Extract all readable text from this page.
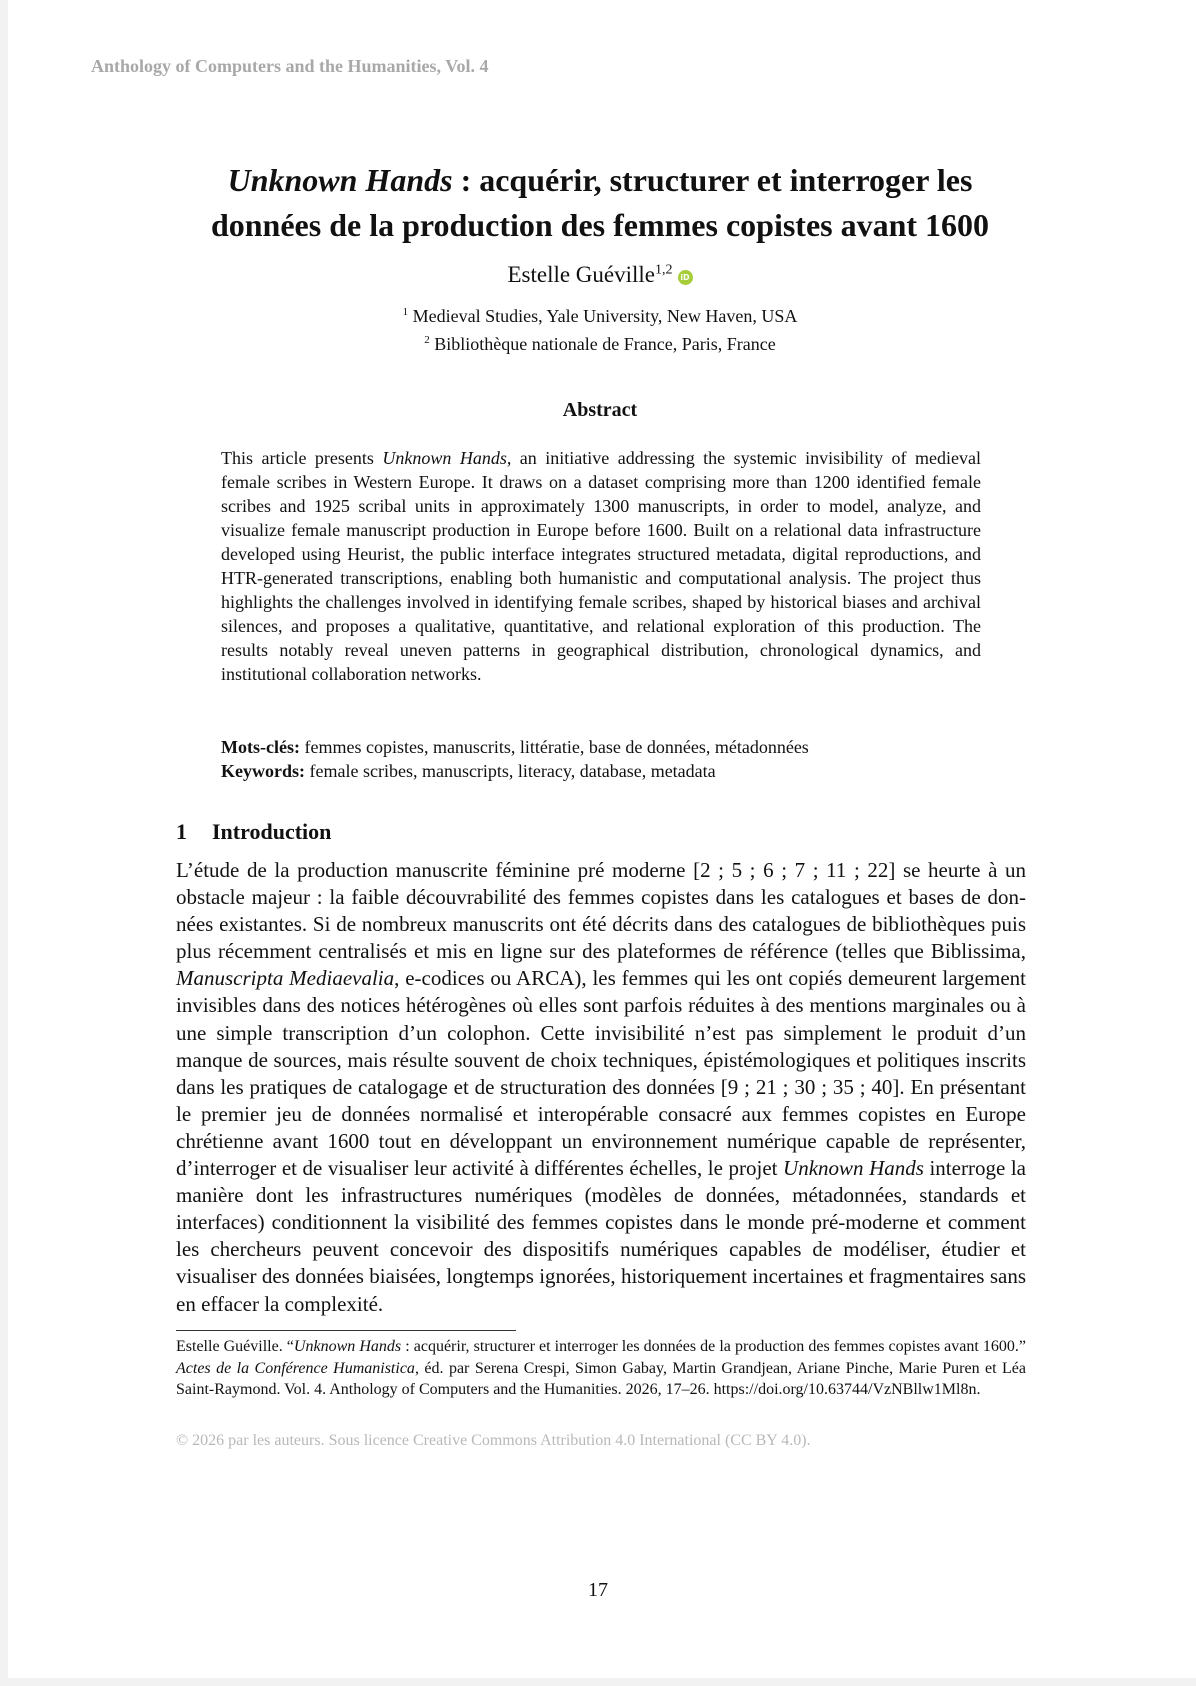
Anthology of Computers and the Humanities, Vol. 4
Unknown Hands : acquérir, structurer et interroger les
données de la production des femmes copistes avant 1600
Estelle Guéville$^{1,2}$iD
$^1$ Medieval Studies, Yale University, New Haven, USA
$^2$ Bibliothèque nationale de France, Paris, France
Abstract

This article presents Unknown Hands, an initiative addressing the systemic invisibility of medieval female scribes in Western Europe. It draws on a dataset comprising more than 1200 identified female scribes and 1925 scribal units in approximately 1300 manuscripts, in order to model, analyze, and visualize female manuscript production in Europe before 1600. Built on a relational data infrastructure developed using Heurist, the public interface integrates structured metadata, digital reproductions, and HTR-generated transcriptions, enabling both humanistic and computational analysis. The project thus highlights the challenges involved in identifying female scribes, shaped by historical biases and archival silences, and proposes a qualitative, quantitative, and relational exploration of this production. The results notably reveal uneven patterns in geographical distribution, chronological dynamics, and institutional collaboration networks.

Mots-clés: femmes copistes, manuscrits, littératie, base de données, métadonnées
Keywords: female scribes, manuscripts, literacy, database, metadata
1 Introduction

L’étude de la production manuscrite féminine pré moderne [2 ; 5 ; 6 ; 7 ; 11 ; 22] se heurte à un obstacle majeur : la faible découvrabilité des femmes copistes dans les catalogues et bases de données existantes. Si de nombreux manuscrits ont été décrits dans des catalogues de bibliothèques puis plus récemment centralisés et mis en ligne sur des plateformes de référence (telles que Biblissima, Manuscripta Mediaevalia, e-codices ou ARCA), les femmes qui les ont copiés demeurent largement invisibles dans des notices hétérogènes où elles sont parfois réduites à des mentions marginales ou à une simple transcription d’un colophon. Cette invisibilité n’est pas simplement le produit d’un manque de sources, mais résulte souvent de choix techniques, épistémologiques et politiques inscrits dans les pratiques de catalogage et de structuration des données [9 ; 21 ; 30 ; 35 ; 40]. En présentant le premier jeu de données normalisé et interopérable consacré aux femmes copistes en Europe chrétienne avant 1600 tout en développant un environnement numérique capable de représenter, d’interroger et de visualiser leur activité à différentes échelles, le projet Unknown Hands interroge la manière dont les infrastructures numériques (modèles de données, métadonnées, standards et interfaces) conditionnent la visibilité des femmes copistes dans le monde pré-moderne et comment les chercheurs peuvent concevoir des dispositifs numériques capables de modéliser, étudier et visualiser des données biaisées, longtemps ignorées, historiquement incertaines et fragmentaires sans en effacer la complexité.

Estelle Guéville. “Unknown Hands : acquérir, structurer et interroger les données de la production des femmes copistes avant 1600.” Actes de la Conférence Humanistica, éd. par Serena Crespi, Simon Gabay, Martin Grandjean, Ariane Pinche, Marie Puren et Léa Saint-Raymond. Vol. 4. Anthology of Computers and the Humanities. 2026, 17–26. https://doi.org/10.63744/VzNBllw1Ml8n.

© 2026 par les auteurs. Sous licence Creative Commons Attribution 4.0 International (CC BY 4.0).
17
